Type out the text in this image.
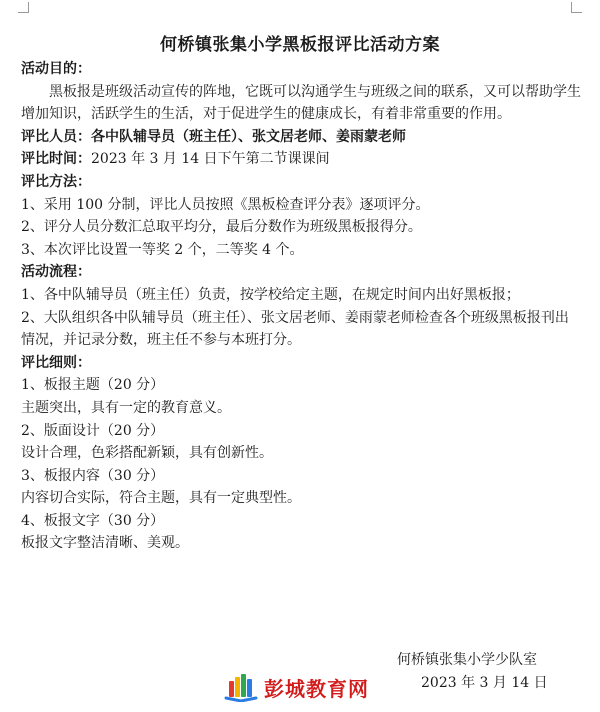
何桥镇张集小学黑板报评比活动方案
活动目的：
黑板报是班级活动宣传的阵地，它既可以沟通学生与班级之间的联系，又可以帮助学生增加知识，活跃学生的生活，对于促进学生的健康成长，有着非常重要的作用。
评比人员：各中队辅导员（班主任）、张文居老师、姜雨蒙老师
评比时间：2023 年 3 月 14 日下午第二节课课间
评比方法：
1、采用 100 分制，评比人员按照《黑板检查评分表》逐项评分。
2、评分人员分数汇总取平均分，最后分数作为班级黑板报得分。
3、本次评比设置一等奖 2 个，二等奖 4 个。
活动流程：
1、各中队辅导员（班主任）负责，按学校给定主题，在规定时间内出好黑板报；
2、大队组织各中队辅导员（班主任）、张文居老师、姜雨蒙老师检查各个班级黑板报刊出情况，并记录分数，班主任不参与本班打分。
评比细则：
1、板报主题（20 分）
主题突出，具有一定的教育意义。
2、版面设计（20 分）
设计合理，色彩搭配新颖，具有创新性。
3、板报内容（30 分）
内容切合实际，符合主题，具有一定典型性。
4、板报文字（30 分）
板报文字整洁清晰、美观。
何桥镇张集小学少队室
2023 年 3 月 14 日
彭城教育网
